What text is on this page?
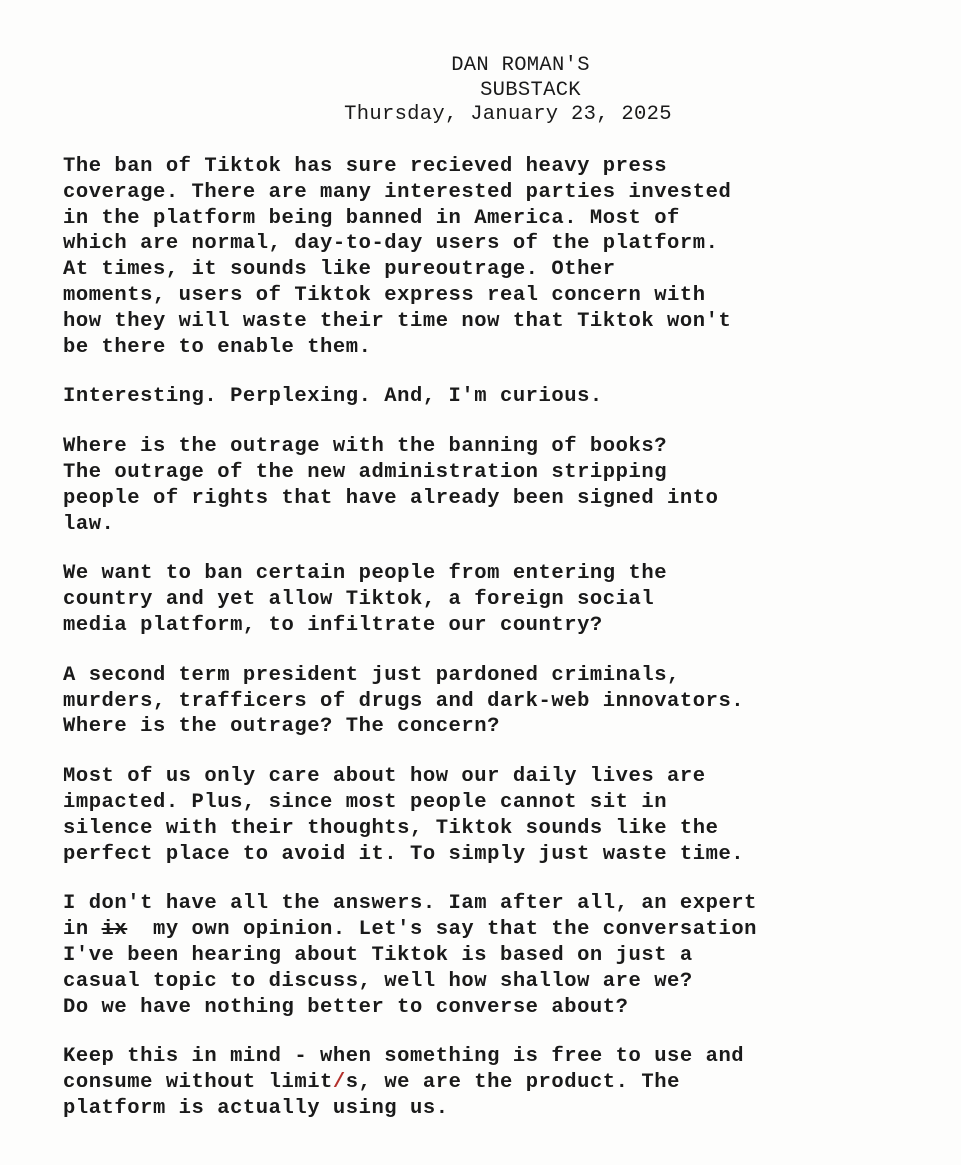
DAN ROMAN'S
SUBSTACK
Thursday, January 23, 2025
The ban of Tiktok has sure recieved heavy press
coverage. There are many interested parties invested
in the platform being banned in America. Most of
which are normal, day-to-day users of the platform.
At times, it sounds like pureoutrage. Other
moments, users of Tiktok express real concern with
how they will waste their time now that Tiktok won't
be there to enable them.
Interesting. Perplexing. And, I'm curious.
Where is the outrage with the banning of books?
The outrage of the new administration stripping
people of rights that have already been signed into
law.
We want to ban certain people from entering the
country and yet allow Tiktok, a foreign social
media platform, to infiltrate our country?
A second term president just pardoned criminals,
murders, trafficers of drugs and dark-web innovators.
Where is the outrage? The concern?
Most of us only care about how our daily lives are
impacted. Plus, since most people cannot sit in
silence with their thoughts, Tiktok sounds like the
perfect place to avoid it. To simply just waste time.
I don't have all the answers. Iam after all, an expert
in ix  my own opinion. Let's say that the conversation
I've been hearing about Tiktok is based on just a
casual topic to discuss, well how shallow are we?
Do we have nothing better to converse about?
Keep this in mind - when something is free to use and
consume without limit/s, we are the product. The
platform is actually using us.
